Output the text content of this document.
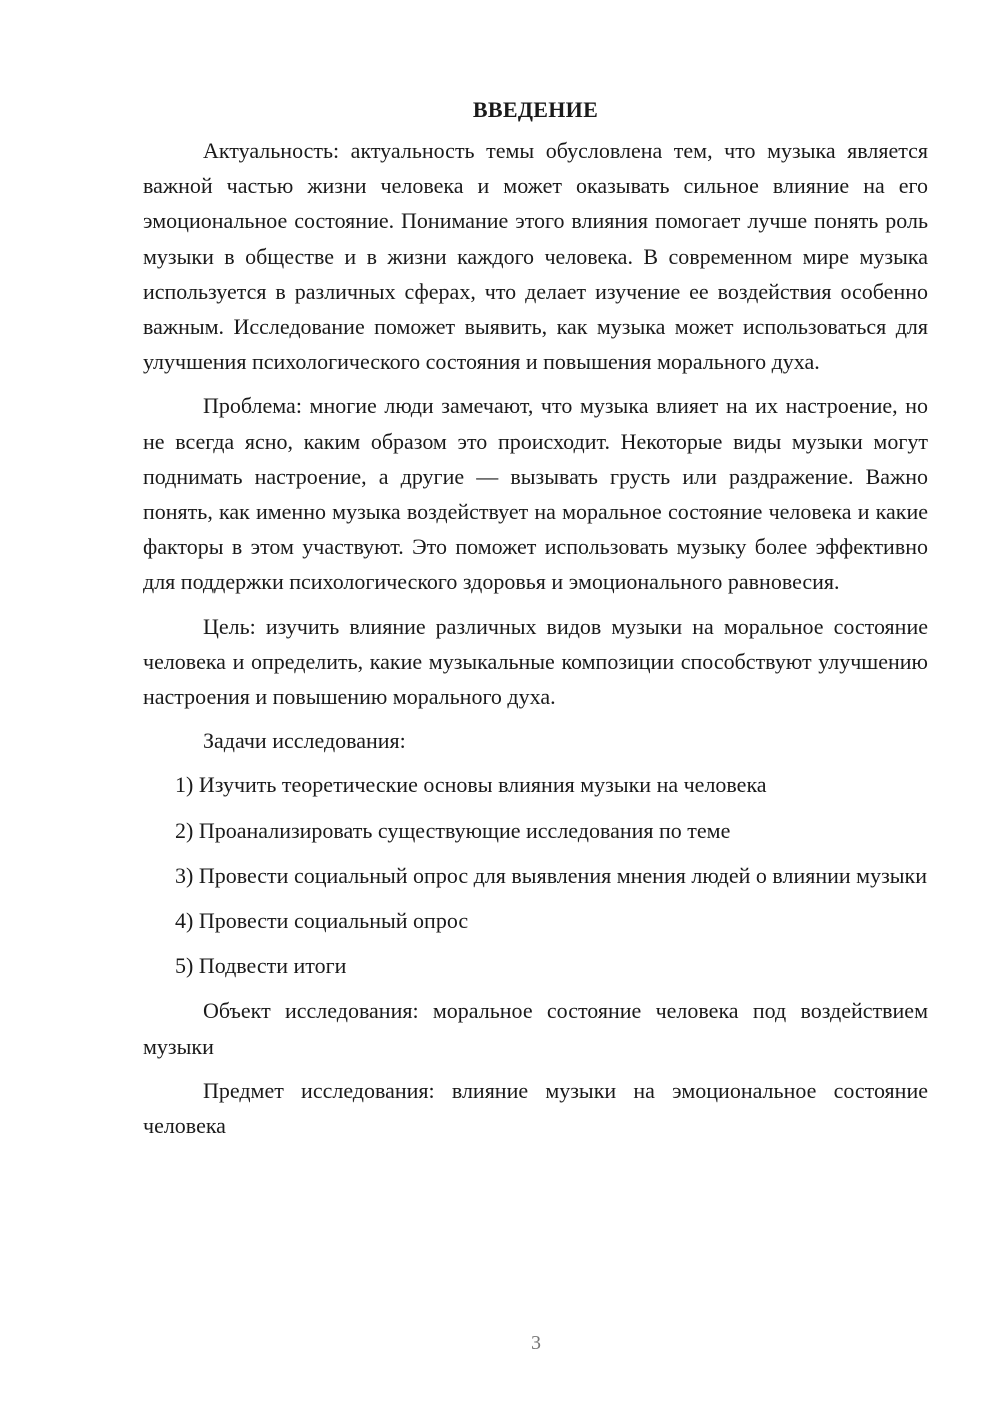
ВВЕДЕНИЕ

Актуальность: актуальность темы обусловлена тем, что музыка является важной частью жизни человека и может оказывать сильное влияние на его эмоциональное состояние. Понимание этого влияния помогает лучше понять роль музыки в обществе и в жизни каждого человека. В современном мире музыка используется в различных сферах, что делает изучение ее воздействия особенно важным. Исследование поможет выявить, как музыка может использоваться для улучшения психологического состояния и повышения морального духа.

Проблема: многие люди замечают, что музыка влияет на их настроение, но не всегда ясно, каким образом это происходит. Некоторые виды музыки могут поднимать настроение, а другие — вызывать грусть или раздражение. Важно понять, как именно музыка воздействует на моральное состояние человека и какие факторы в этом участвуют. Это поможет использовать музыку более эффективно для поддержки психологического здоровья и эмоционального равновесия.

Цель: изучить влияние различных видов музыки на моральное состояние человека и определить, какие музыкальные композиции способствуют улучшению настроения и повышению морального духа.

Задачи исследования:

1) Изучить теоретические основы влияния музыки на человека

2) Проанализировать существующие исследования по теме

3) Провести социальный опрос для выявления мнения людей о влиянии музыки

4) Провести социальный опрос

5) Подвести итоги

Объект исследования: моральное состояние человека под воздействием музыки

Предмет исследования: влияние музыки на эмоциональное состояние человека

3
